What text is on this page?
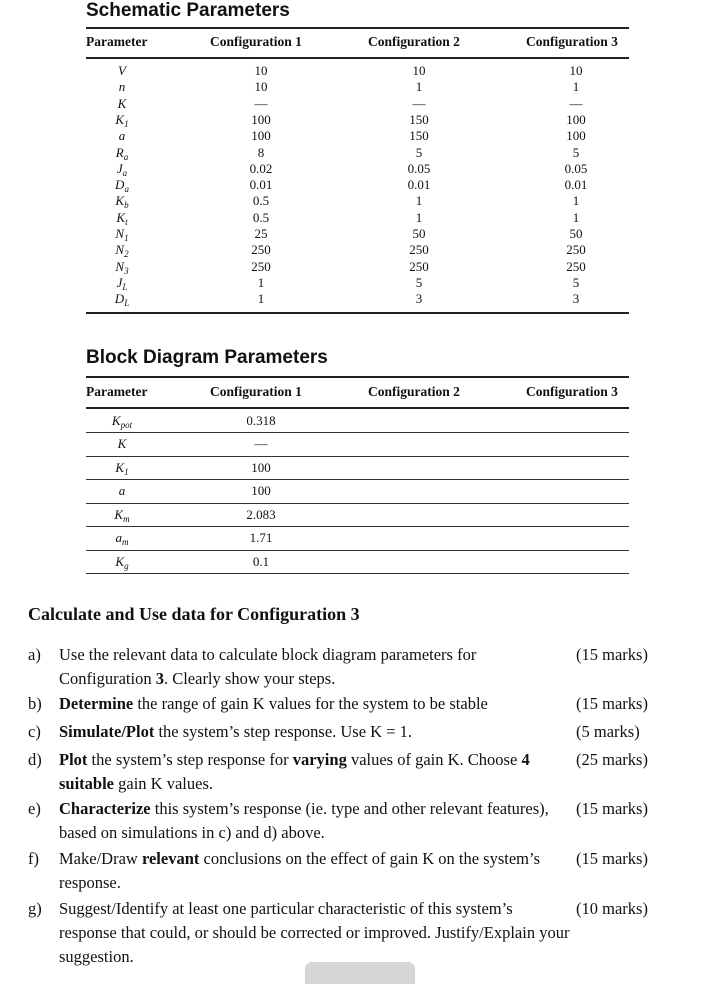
Schematic Parameters
Parameter	Configuration 1	Configuration 2	Configuration 3
V	10	10	10
n	10	1	1
K	—	—	—
$K_1$	100	150	100
a	100	150	100
$R_a$	8	5	5
$J_a$	0.02	0.05	0.05
$D_a$	0.01	0.01	0.01
$K_b$	0.5	1	1
$K_t$	0.5	1	1
$N_1$	25	50	50
$N_2$	250	250	250
$N_3$	250	250	250
$J_L$	1	5	5
$D_L$	1	3	3
Block Diagram Parameters
Parameter	Configuration 1	Configuration 2	Configuration 3
$K_{pot}$	0.318
K	—
$K_1$	100
a	100
$K_m$	2.083
$a_m$	1.71
$K_g$	0.1
Calculate and Use data for Configuration 3
a) Use the relevant data to calculate block diagram parameters for Configuration 3. Clearly show your steps.
(15 marks)
b) Determine the range of gain K values for the system to be stable	(15 marks)
c) Simulate/Plot the system’s step response. Use K = 1.	(5 marks)
d) Plot the system’s step response for varying values of gain K. Choose 4 suitable gain K values.
(25 marks)
e) Characterize this system’s response (ie. type and other relevant features), based on simulations in c) and d) above.
(15 marks)
f) Make/Draw relevant conclusions on the effect of gain K on the system’s response.
(15 marks)
g) Suggest/Identify at least one particular characteristic of this system’s response that could, or should be corrected or improved. Justify/Explain your suggestion.
(10 marks)
